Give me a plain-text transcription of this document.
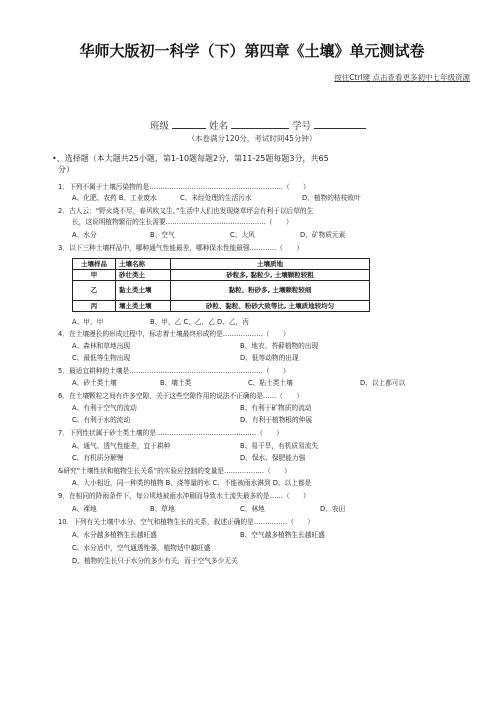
华师大版初一科学（下）第四章《土壤》单元测试卷
按住Ctrl键 点击查看更多初中七年级资源
班级	姓名	学号
（本卷满分120分，考试时间45分钟）
•、选择题（本大题共25小题，第1-10题每题2分，第11-25题每题3分，共65
分）
1．下列不属于土壤污染物的是……………………………………………………（　　）
A、化肥、农药 B、工业废水	C、未经处理的生活污水	D、植物的枯枝败叶
2．古人云：“野火烧不尽，春风吹又生。”生活中人们也发现烧草坪会有利于以后草的生
长，这说明植物繁衍的生长需要………………………………………（　　）
A、水分	B、空气	C、大风	D、矿物质元素
3．以下三种土壤样品中，哪种通气性能最差，哪种保水性能最强…………（　　）
土壤样品	土壤名称	土壤质地
甲	砂壮类土	砂粒多, 黏粒少, 土壤颗粒较粗
乙	黏土类土壤	黏粒、粉砂多, 土壤颗粒较细
丙	壤土类土壤	砂粒、黏粒、粉砂大致等比, 土壤质地较均匀
A、甲，甲	B、甲，乙 C、乙，乙 D、乙，丙
4．在土壤漫长的形成过程中，标志着土壤最终形成的是………………（　　）
A、森林和草地出现	B、地衣、苔藓植物的出现
C、最低等生物出现	D、低等动物的出现
5．最适宜耕种的土壤是……………………………………………………（　　）
A、砂土类土壤	B、壤土类	C、粘土类土壤	D、以上都可以
6．在土壤颗粒之间有许多空隙，关于这些空隙作用的说法不正确的是……（　　）
A、有利于空气的流动	B、有利于矿物质的流动
C、有利于水的流动	D、有利于植物根的伸展
7．下列性状属于砂土类土壤的是………………………………………（　　）
A、通气、透气性能差，宜于耕种	B、易干旱，有机质易流失
C、有机质分解慢	D、保水、保肥能力强
&研究“土壤性状和植物生长关系”的实验应控制的变量是………………（　　）
A、大小相近，同一种类的植物 B、浇等量的水 C、不能被雨水淋到 D、以上都是
9．在相同的降雨条件下，每公顷地被雨水冲刷而导致水土流失最多的是……（　　）
A、裸地	B、草地	C、林地	D、农田
10．下列有关土壤中水分、空气和植物生长的关系，叙述正确的是……………（　　）
A、水分越多植物生长越旺盛	B、空气越多植物生长越旺盛
C、水分适中，空气通透性强，植物适中越旺盛
D、植物的生长只于水分的多少有关，而于空气多少无关
